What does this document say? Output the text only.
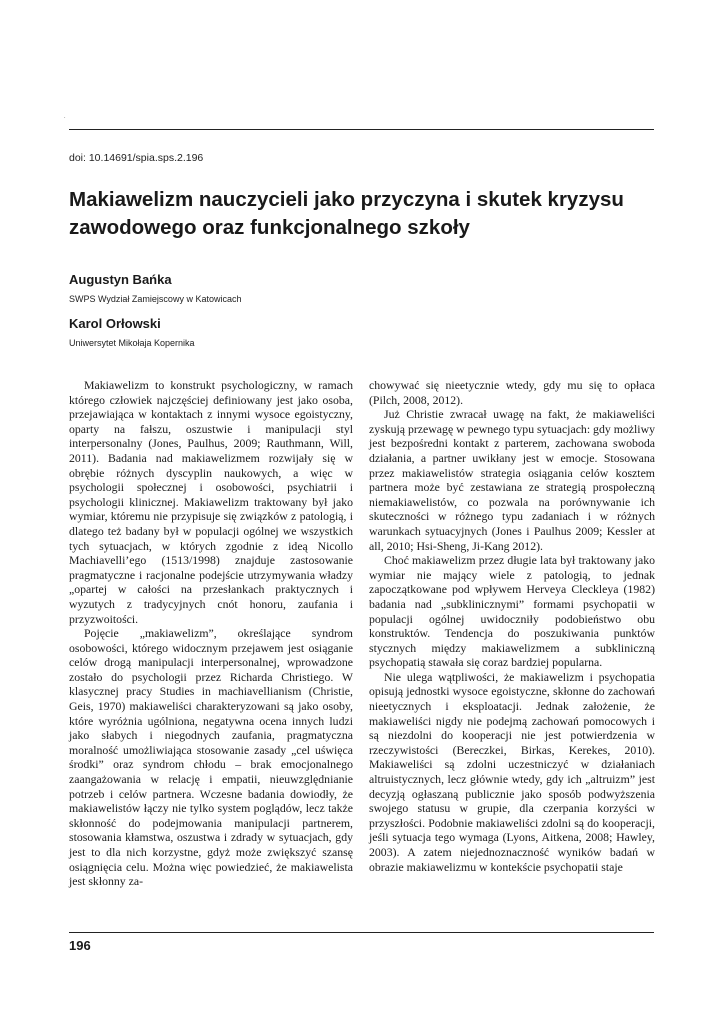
.
doi: 10.14691/spia.sps.2.196
Makiawelizm nauczycieli jako przyczyna i skutek kryzysu zawodowego oraz funkcjonalnego szkoły
Augustyn Bańka
SWPS Wydział Zamiejscowy w Katowicach
Karol Orłowski
Uniwersytet Mikołaja Kopernika

Makiawelizm to konstrukt psychologiczny, w ramach którego człowiek najczęściej definiowany jest jako osoba, przejawiająca w kontaktach z innymi wysoce egoistyczny, oparty na fałszu, oszustwie i manipulacji styl interpersonalny (Jones, Paulhus, 2009; Rauthmann, Will, 2011). Badania nad makiawelizmem rozwijały się w obrębie różnych dyscyplin naukowych, a więc w psychologii społecznej i osobowości, psychiatrii i psychologii klinicznej. Makiawelizm traktowany był jako wymiar, któremu nie przypisuje się związków z patologią, i dlatego też badany był w populacji ogólnej we wszystkich tych sytuacjach, w których zgodnie z ideą Nicollo Machiavelli’ego (1513/1998) znajduje zastosowanie pragmatyczne i racjonalne podejście utrzymywania władzy „opartej w całości na przesłankach praktycznych i wyzutych z tradycyjnych cnót honoru, zaufania i przyzwoitości.

Pojęcie „makiawelizm”, określające syndrom osobowości, którego widocznym przejawem jest osiąganie celów drogą manipulacji interpersonalnej, wprowadzone zostało do psychologii przez Richarda Christiego. W klasycznej pracy Studies in machiavellianism (Christie, Geis, 1970) makiaweliści charakteryzowani są jako osoby, które wyróżnia ugólniona, negatywna ocena innych ludzi jako słabych i niegodnych zaufania, pragmatyczna moralność umożliwiająca stosowanie zasady „cel uświęca środki” oraz syndrom chłodu – brak emocjonalnego zaangażowania w relację i empatii, nieuwzględnianie potrzeb i celów partnera. Wczesne badania dowiodły, że makiawelistów łączy nie tylko system poglądów, lecz także skłonność do podejmowania manipulacji partnerem, stosowania kłamstwa, oszustwa i zdrady w sytuacjach, gdy jest to dla nich korzystne, gdyż może zwiększyć szansę osiągnięcia celu. Można więc powiedzieć, że makiawelista jest skłonny za-

chowywać się nieetycznie wtedy, gdy mu się to opłaca (Pilch, 2008, 2012).

Już Christie zwracał uwagę na fakt, że makiaweliści zyskują przewagę w pewnego typu sytuacjach: gdy możliwy jest bezpośredni kontakt z parterem, zachowana swoboda działania, a partner uwikłany jest w emocje. Stosowana przez makiawelistów strategia osiągania celów kosztem partnera może być zestawiana ze strategią prospołeczną niemakiawelistów, co pozwala na porównywanie ich skuteczności w różnego typu zadaniach i w różnych warunkach sytuacyjnych (Jones i Paulhus 2009; Kessler at all, 2010; Hsi-Sheng, Ji-Kang 2012).

Choć makiawelizm przez długie lata był traktowany jako wymiar nie mający wiele z patologią, to jednak zapoczątkowane pod wpływem Herveya Cleckleya (1982) badania nad „subklinicznymi” formami psychopatii w populacji ogólnej uwidoczniły podobieństwo obu konstruktów. Tendencja do poszukiwania punktów stycznych między makiawelizmem a subkliniczną psychopatią stawała się coraz bardziej popularna.

Nie ulega wątpliwości, że makiawelizm i psychopatia opisują jednostki wysoce egoistyczne, skłonne do zachowań nieetycznych i eksploatacji. Jednak założenie, że makiaweliści nigdy nie podejmą zachowań pomocowych i są niezdolni do kooperacji nie jest potwierdzenia w rzeczywistości (Bereczkei, Birkas, Kerekes, 2010). Makiaweliści są zdolni uczestniczyć w działaniach altruistycznych, lecz głównie wtedy, gdy ich „altruizm” jest decyzją ogłaszaną publicznie jako sposób podwyższenia swojego statusu w grupie, dla czerpania korzyści w przyszłości. Podobnie makiaweliści zdolni są do kooperacji, jeśli sytuacja tego wymaga (Lyons, Aitkena, 2008; Hawley, 2003). A zatem niejednoznaczność wyników badań w obrazie makiawelizmu w kontekście psychopatii staje

196
